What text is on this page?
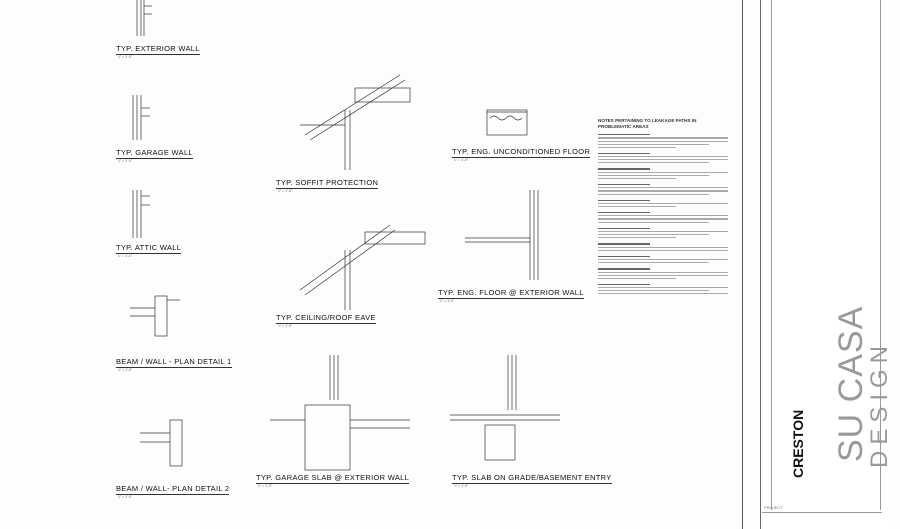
TYP. EXTERIOR WALL
1" = 1'-0"
TYP. GARAGE WALL
1" = 1'-0"
TYP. ATTIC WALL
1" = 1'-0"
BEAM / WALL - PLAN DETAIL 1
1" = 1'-0"
BEAM / WALL- PLAN DETAIL 2
1" = 1'-0"
TYP. SOFFIT PROTECTION
1" = 1'-0"
TYP. CEILING/ROOF EAVE
1" = 1'-0"
TYP. GARAGE SLAB @ EXTERIOR WALL
1" = 1'-0"
TYP. ENG. UNCONDITIONED FLOOR
1" = 1'-0"
TYP. ENG. FLOOR @ EXTERIOR WALL
1" = 1'-0"
TYP. SLAB ON GRADE/BASEMENT ENTRY
1" = 1'-0"
NOTES PERTAINING TO LEAKAGE PATHS IN PROBLEMATIC AREAS
SU CASA
DESIGN
CRESTON
PROJECT
